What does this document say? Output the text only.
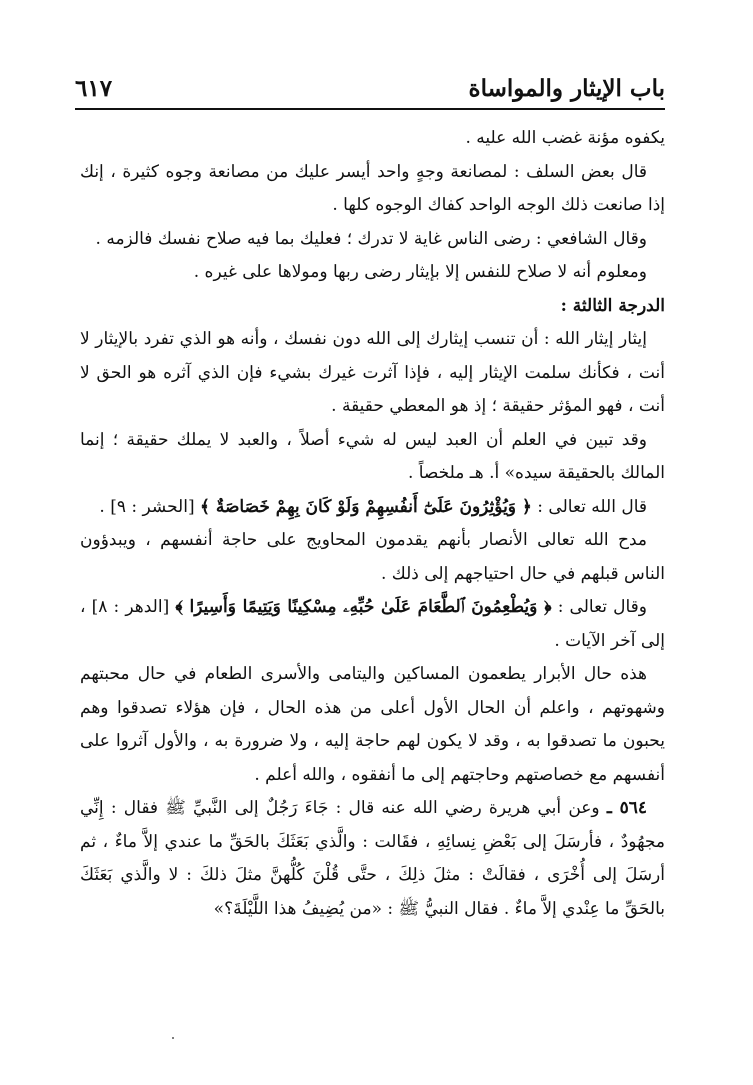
باب الإيثار والمواساة
٦١٧

يكفوه مؤنة غضب الله عليه .

قال بعض السلف : لمصانعة وجهٍ واحد أيسر عليك من مصانعة وجوه كثيرة ، إنك إذا صانعت ذلك الوجه الواحد كفاك الوجوه كلها .

وقال الشافعي : رضى الناس غاية لا تدرك ؛ فعليك بما فيه صلاح نفسك فالزمه .

ومعلوم أنه لا صلاح للنفس إلا بإيثار رضى ربها ومولاها على غيره .

الدرجة الثالثة :

إيثار إيثار الله : أن تنسب إيثارك إلى الله دون نفسك ، وأنه هو الذي تفرد بالإيثار لا أنت ، فكأنك سلمت الإيثار إليه ، فإذا آثرت غيرك بشيء فإن الذي آثره هو الحق لا أنت ، فهو المؤثر حقيقة ؛ إذ هو المعطي حقيقة .

وقد تبين في العلم أن العبد ليس له شيء أصلاً ، والعبد لا يملك حقيقة ؛ إنما المالك بالحقيقة سيده» أ. هـ ملخصاً .

قال الله تعالى : ﴿ وَيُؤْثِرُونَ عَلَىٰٓ أَنفُسِهِمْ وَلَوْ كَانَ بِهِمْ خَصَاصَةٌ ﴾ [الحشر : ٩] .

مدح الله تعالى الأنصار بأنهم يقدمون المحاويج على حاجة أنفسهم ، ويبدؤون الناس قبلهم في حال احتياجهم إلى ذلك .

وقال تعالى : ﴿ وَيُطْعِمُونَ ٱلطَّعَامَ عَلَىٰ حُبِّهِۦ مِسْكِينًا وَيَتِيمًا وَأَسِيرًا ﴾ [الدهر : ٨] ، إلى آخر الآيات .

هذه حال الأبرار يطعمون المساكين واليتامى والأسرى الطعام في حال محبتهم وشهوتهم ، واعلم أن الحال الأول أعلى من هذه الحال ، فإن هؤلاء تصدقوا وهم يحبون ما تصدقوا به ، وقد لا يكون لهم حاجة إليه ، ولا ضرورة به ، والأول آثروا على أنفسهم مع خصاصتهم وحاجتهم إلى ما أنفقوه ، والله أعلم .

٥٦٤ ـ وعن أبي هريرة رضي الله عنه قال : جَاءَ رَجُلٌ إلى النَّبيِّ ﷺ فقال : إِنِّي مجهُودٌ ، فأرسَلَ إلى بَعْضِ نِسائِهِ ، فقَالت : والَّذي بَعَثَكَ بالحَقِّ ما عندي إلاَّ ماءٌ ، ثم أرسَلَ إلى أُخْرَى ، فقالَتْ : مثلَ ذلِكَ ، حتَّى قُلْنَ كُلُّهنَّ مثلَ ذلكَ : لا والَّذي بَعَثَكَ بالحَقِّ ما عِنْدي إلاَّ ماءٌ . فقال النبيُّ ﷺ : «من يُضِيفُ هذا اللَّيْلَةَ؟»
